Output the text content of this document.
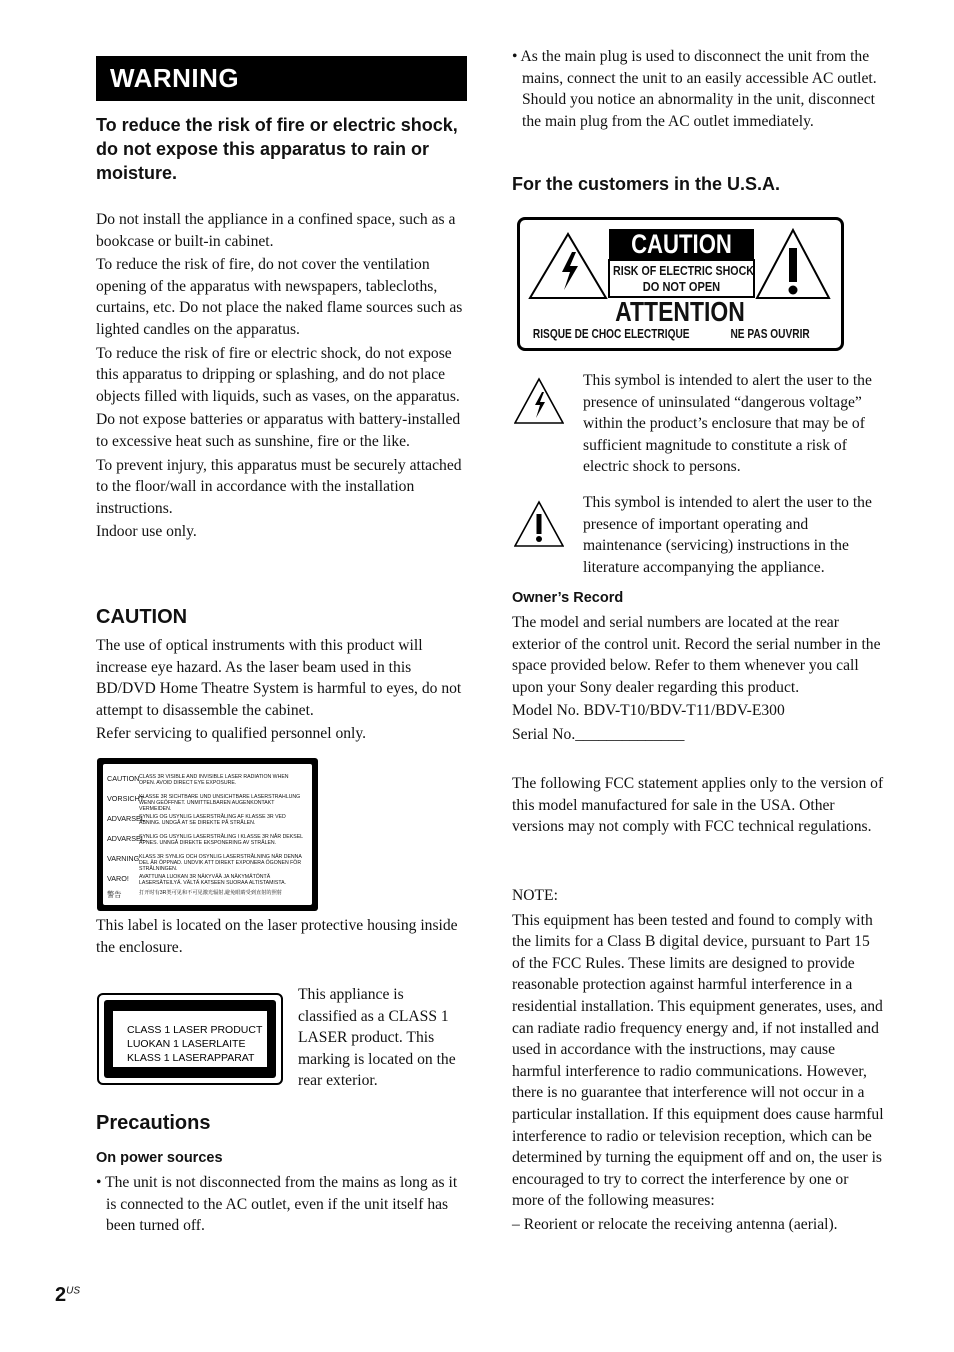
WARNING
To reduce the risk of fire or electric shock, do not expose this apparatus to rain or moisture.

Do not install the appliance in a confined space, such as a bookcase or built-in cabinet.

To reduce the risk of fire, do not cover the ventilation opening of the apparatus with newspapers, tablecloths, curtains, etc. Do not place the naked flame sources such as lighted candles on the apparatus.

To reduce the risk of fire or electric shock, do not expose this apparatus to dripping or splashing, and do not place objects filled with liquids, such as vases, on the apparatus.

Do not expose batteries or apparatus with battery-installed to excessive heat such as sunshine, fire or the like.

To prevent injury, this apparatus must be securely attached to the floor/wall in accordance with the installation instructions.

Indoor use only.

CAUTION

The use of optical instruments with this product will increase eye hazard. As the laser beam used in this BD/DVD Home Theatre System is harmful to eyes, do not attempt to disassemble the cabinet.

Refer servicing to qualified personnel only.

CAUTIONCLASS 3R VISIBLE AND INVISIBLE LASER RADIATION WHEN OPEN. AVOID DIRECT EYE EXPOSURE.
VORSICHTKLASSE 3R SICHTBARE UND UNSICHTBARE LASERSTRAHLUNG WENN GEÖFFNET. UNMITTELBAREN AUGENKONTAKT VERMEIDEN.
ADVARSELSYNLIG OG USYNLIG LASERSTRÅLING AF KLASSE 3R VED ÅBNING. UNDGÅ AT SE DIREKTE PÅ STRÅLEN.
ADVARSELSYNLIG OG USYNLIG LASERSTRÅLING I KLASSE 3R NÅR DEKSEL ÅPNES. UNNGÅ DIREKTE EKSPONERING AV STRÅLEN.
VARNINGKLASS 3R SYNLIG OCH OSYNLIG LASERSTRÅLNING NÄR DENNA DEL ÄR ÖPPNAD. UNDVIK ATT DIREKT EXPONERA ÖGONEN FÖR STRÅLNINGEN.
VARO! AVATTUNA LUOKAN 3R NÄKYVÄÄ JA NÄKYMÄTÖNTÄ LASERSÄTEILYÄ. VÄLTÄ KATSEEN SUORAA ALTISTAMISTA.
警告	打开时有3R类可见和不可见激光辐射,避免眼睛受到直射的照射

This label is located on the laser protective housing inside the enclosure.

CLASS 1 LASER PRODUCT
LUOKAN 1 LASERLAITE
KLASS 1 LASERAPPARAT

This appliance is classified as a CLASS 1 LASER product. This marking is located on the rear exterior.

Precautions
On power sources

• The unit is not disconnected from the mains as long as it is connected to the AC outlet, even if the unit itself has been turned off.

• As the main plug is used to disconnect the unit from the mains, connect the unit to an easily accessible AC outlet. Should you notice an abnormality in the unit, disconnect the main plug from the AC outlet immediately.

For the customers in the U.S.A.
CAUTION
RISK OF ELECTRIC SHOCK
DO NOT OPEN
ATTENTION
RISQUE DE CHOC ELECTRIQUE	NE PAS OUVRIR

This symbol is intended to alert the user to the presence of uninsulated “dangerous voltage” within the product’s enclosure that may be of sufficient magnitude to constitute a risk of electric shock to persons.

This symbol is intended to alert the user to the presence of important operating and maintenance (servicing) instructions in the literature accompanying the appliance.

Owner’s Record

The model and serial numbers are located at the rear exterior of the control unit. Record the serial number in the space provided below. Refer to them whenever you call upon your Sony dealer regarding this product.

Model No. BDV-T10/BDV-T11/BDV-E300

Serial No.______________

The following FCC statement applies only to the version of this model manufactured for sale in the USA. Other versions may not comply with FCC technical regulations.

NOTE:

This equipment has been tested and found to comply with the limits for a Class B digital device, pursuant to Part 15 of the FCC Rules. These limits are designed to provide reasonable protection against harmful interference in a residential installation. This equipment generates, uses, and can radiate radio frequency energy and, if not installed and used in accordance with the instructions, may cause harmful interference to radio communications. However, there is no guarantee that interference will not occur in a particular installation. If this equipment does cause harmful interference to radio or television reception, which can be determined by turning the equipment off and on, the user is encouraged to try to correct the interference by one or more of the following measures:

– Reorient or relocate the receiving antenna (aerial).

$2^{US}$
